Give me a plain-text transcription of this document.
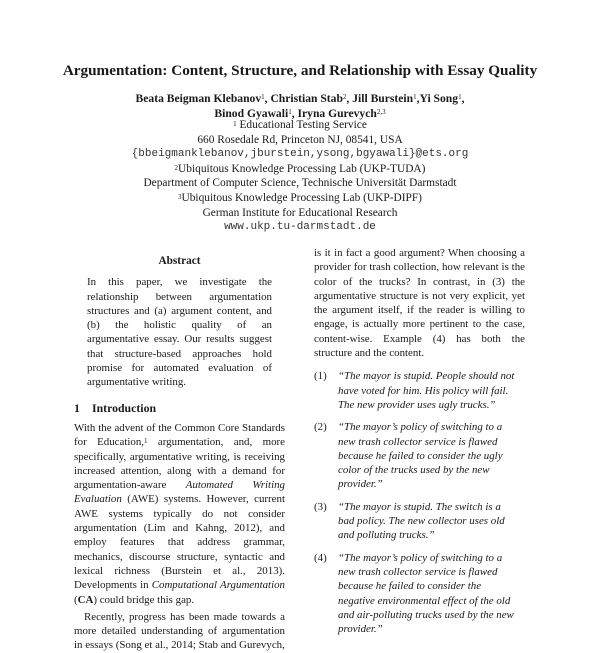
Argumentation: Content, Structure, and Relationship with Essay Quality
Beata Beigman Klebanov$^1$, Christian Stab$^2$, Jill Burstein$^1$,Yi Song$^1$,
Binod Gyawali$^1$, Iryna Gurevych$^{2,3}$
$^1$ Educational Testing Service
660 Rosedale Rd, Princeton NJ, 08541, USA
{bbeigmanklebanov,jburstein,ysong,bgyawali}@ets.org
$^2$Ubiquitous Knowledge Processing Lab (UKP-TUDA)
Department of Computer Science, Technische Universität Darmstadt
$^3$Ubiquitous Knowledge Processing Lab (UKP-DIPF)
German Institute for Educational Research
www.ukp.tu-darmstadt.de
Abstract

In this paper, we investigate the relationship between argumentation structures and (a) argument content, and (b) the holistic quality of an argumentative essay. Our results suggest that structure-based approaches hold promise for automated evaluation of argumentative writing.

1 Introduction

With the advent of the Common Core Standards for Education,$^1$ argumentation, and, more specifically, argumentative writing, is receiving increased attention, along with a demand for argumentation-aware Automated Writing Evaluation (AWE) systems. However, current AWE systems typically do not consider argumentation (Lim and Kahng, 2012), and employ features that address grammar, mechanics, discourse structure, syntactic and lexical richness (Burstein et al., 2013). Developments in Computational Argumentation (CA) could bridge this gap.

Recently, progress has been made towards a more detailed understanding of argumentation in essays (Song et al., 2014; Stab and Gurevych,

is it in fact a good argument? When choosing a provider for trash collection, how relevant is the color of the trucks? In contrast, in (3) the argumentative structure is not very explicit, yet the argument itself, if the reader is willing to engage, is actually more pertinent to the case, content-wise. Example (4) has both the structure and the content.

(1)	“The mayor is stupid. People should not have voted for him. His policy will fail. The new provider uses ugly trucks.”
(2)	“The mayor’s policy of switching to a new trash collector service is flawed because he failed to consider the ugly color of the trucks used by the new provider.”
(3)	“The mayor is stupid. The switch is a bad policy. The new collector uses old and polluting trucks.”
(4)	“The mayor’s policy of switching to a new trash collector service is flawed because he failed to consider the negative environmental effect of the old and air-polluting trucks used by the new provider.”
